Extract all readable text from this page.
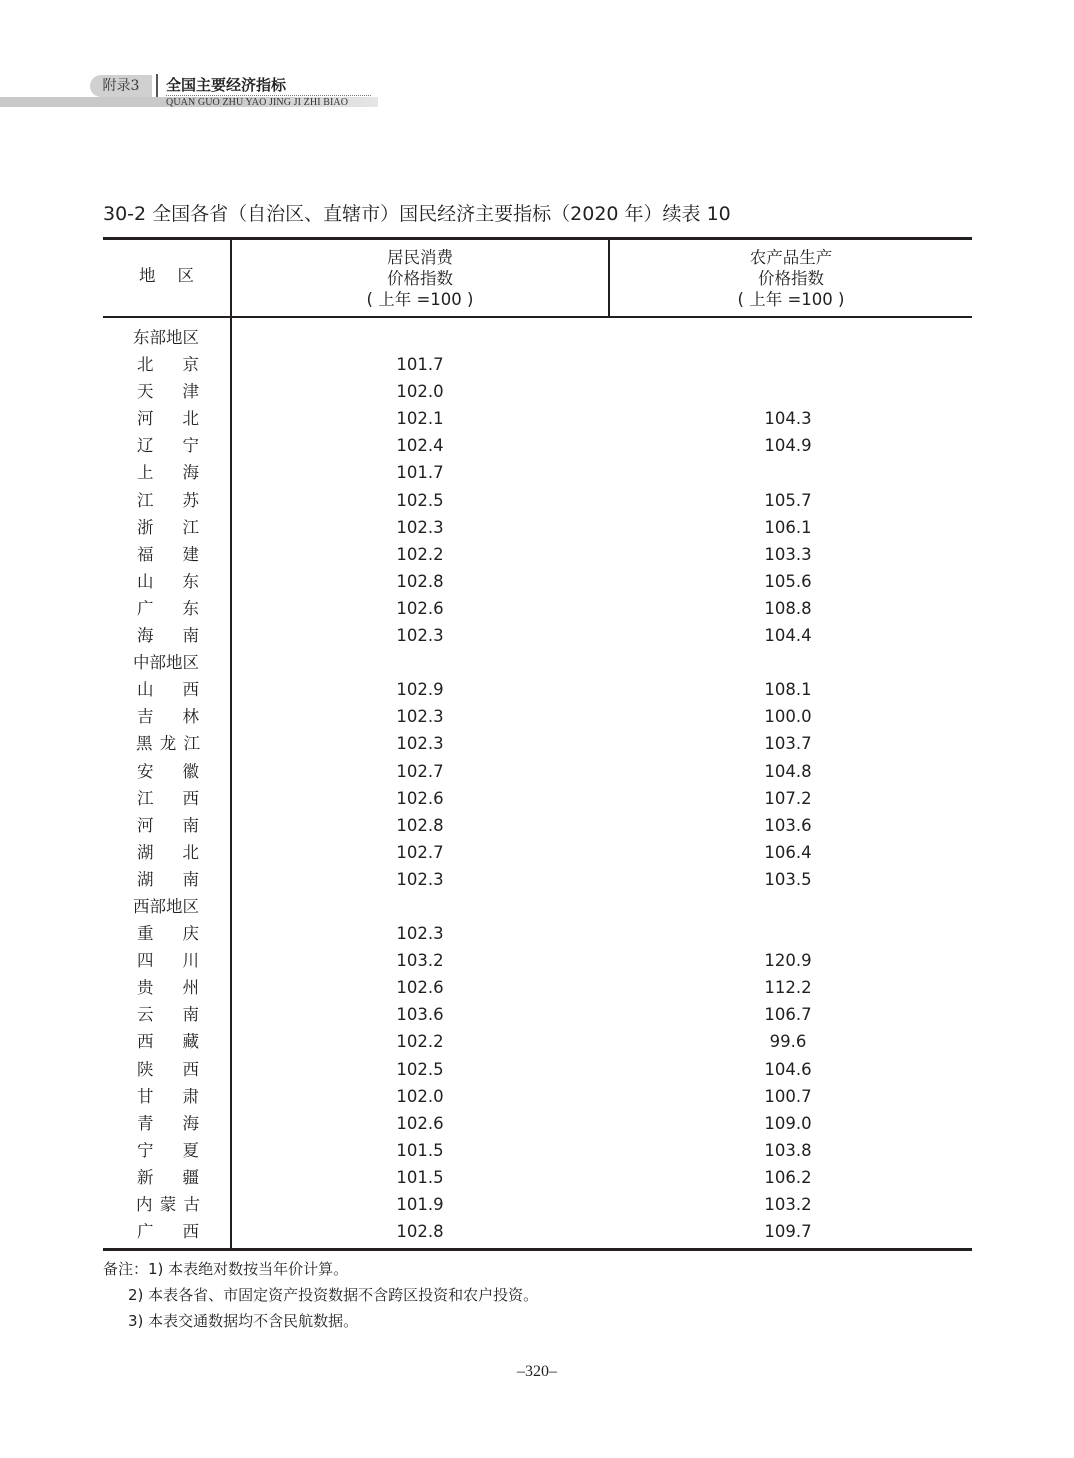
附录3	全国主要经济指标
QUAN GUO ZHU YAO JING JI ZHI BIAO
30-2 全国各省（自治区、直辖市）国民经济主要指标（2020 年）续表 10
地区
居民消费
价格指数
( 上年 =100 )
农产品生产
价格指数
( 上年 =100 )
东部地区
北京	101.7
天津	102.0
河北	102.1	104.3
辽宁	102.4	104.9
上海	101.7
江苏	102.5	105.7
浙江	102.3	106.1
福建	102.2	103.3
山东	102.8	105.6
广东	102.6	108.8
海南	102.3	104.4
中部地区
山西	102.9	108.1
吉林	102.3	100.0
黑龙江	102.3	103.7
安徽	102.7	104.8
江西	102.6	107.2
河南	102.8	103.6
湖北	102.7	106.4
湖南	102.3	103.5
西部地区
重庆	102.3
四川	103.2	120.9
贵州	102.6	112.2
云南	103.6	106.7
西藏	102.2	99.6
陕西	102.5	104.6
甘肃	102.0	100.7
青海	102.6	109.0
宁夏	101.5	103.8
新疆	101.5	106.2
内蒙古	101.9	103.2
广西	102.8	109.7
备注：1) 本表绝对数按当年价计算。
2) 本表各省、市固定资产投资数据不含跨区投资和农户投资。
3) 本表交通数据均不含民航数据。
–320–
